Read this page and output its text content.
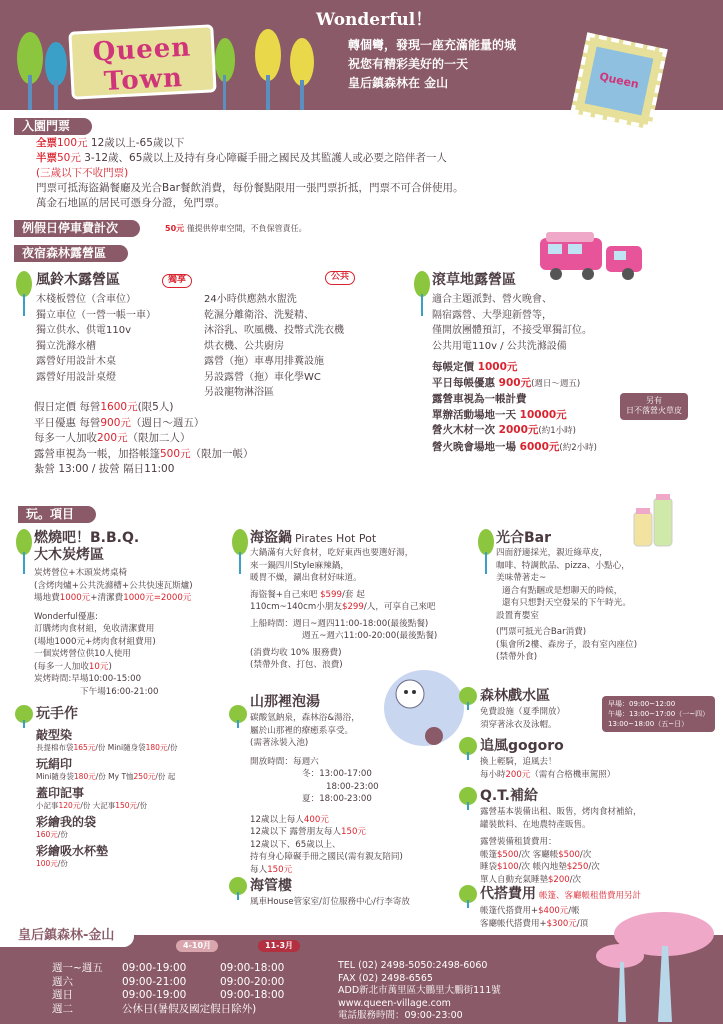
Queen Town
Wonderful！
轉個彎，發現一座充滿能量的城
祝您有精彩美好的一天
皇后鎮森林在 金山	Queen
入園門票
全票100元 12歲以上-65歲以下
半票50元 3-12歲、65歲以上及持有身心障礙手冊之國民及其監護人或必要之陪伴者一人
(三歲以下不收門票)
門票可抵海盜鍋餐廳及光合Bar餐飲消費，每份餐點限用一張門票折抵，門票不可合併使用。
萬金石地區的居民可憑身分證，免門票。
例假日停車費計次	50元 僅提供停車空間，不負保管責任。
夜宿森林露營區
風鈴木露營區	獨享	公共
木棧板營位（含車位）
獨立車位（一營一帳一車）
獨立供水、供電110v
獨立洗滌水槽
露營好用設計木桌
露營好用設計桌燈
24小時供應熱水盥洗
乾濕分離衛浴、洗髮精、
沐浴乳、吹風機、投幣式洗衣機
烘衣機、公共廚房
露營（拖）車專用排糞設施
另設露營（拖）車化學WC
另設寵物淋浴區
假日定價 每營1600元(限5人)
平日優惠 每營900元（週日～週五）
每多一人加收200元（限加二人）
露營車視為一帳，加搭帳篷500元（限加一帳）
紮營 13:00 / 拔營 隔日11:00
滾草地露營區
適合主題派對、營火晚會、
隔宿露營、大學迎新營等，
僅開放團體預訂，不接受單獨訂位。
公共用電110v / 公共洗滌設備
每帳定價 1000元
平日每帳優惠 900元(週日～週五)
露營車視為一帳計費
單辦活動場地一天 10000元
營火木材一次 2000元(約1小時)
營火晚會場地一場 6000元(約2小時)
另有
日不落營火草皮
玩。項目
燃燒吧！B.B.Q.
大木炭烤區
炭烤營位+木頭炭烤桌椅
(含烤肉爐+公共洗滌槽+公共快速瓦斯爐)
場地費1000元+清潔費1000元=2000元
Wonderful優惠:
訂購烤肉食材組，免收清潔費用
(場地1000元+烤肉食材組費用)
一個炭烤營位供10人使用
(每多一人加收10元)
炭烤時間:早場10:00-15:00
下午場16:00-21:00
海盜鍋 Pirates Hot Pot
大鍋滿有大好食材，吃好東西也要選好湯，
來一鍋四川Style麻辣鍋，
暖胃不燥，涮出食材好味道。
海盜餐+自己來吧 $599/套 起
110cm~140cm小朋友$299/人，可享自己來吧
上船時間：週日~週四11:00-18:00(最後點餐)
週五~週六11:00-20:00(最後點餐)
(消費均收 10% 服務費)
(禁帶外食、打包、浪費)
光合Bar
四面舒適採光，親近綠草皮，
咖啡、特調飲品、pizza、小點心，
美味帶著走~
適合有點睏或是想聊天的時候，
還有只想對天空發呆的下午時光。
設置育嬰室
(門票可抵光合Bar消費)
(集會所2樓、森房子，設有室內座位)
(禁帶外食)
玩手作
敲型染
長提棉布袋165元/份 Mini隨身袋180元/份
玩絹印
Mini隨身袋180元/份 My T恤250元/份 起
蓋印記事
小記事120元/份 大記事150元/份
彩繪我的袋
160元/份
彩繪吸水杯墊
100元/份
山那裡泡湯
碳酸氫鈉泉，森林浴&湯浴，
屬於山那裡的療癒系享受。
(需著泳裝入池)
開放時間：每週六
冬：13:00-17:00
18:00-23:00
夏：18:00-23:00
12歲以上每人400元
12歲以下 露營朋友每人150元
12歲以下、65歲以上、
持有身心障礙手冊之國民(需有親友陪同)
每人150元
海管樓
風車House管家室/訂位服務中心/行李寄放
森林戲水區
免費設施（夏季開放）
須穿著泳衣及泳帽。
早場：09:00~12:00
午場：13:00~17:00（一~四）
13:00~18:00（五~日）
追風gogoro
換上輕騎，追風去！
每小時200元（需有合格機車駕照）
Q.T.補給
露營基本裝備出租、販售，烤肉食材補給，
罐裝飲料、在地農特產販售。
露營裝備租賃費用：
帳篷$500/次 客廳帳$500/次
睡袋$100/次 帳內地墊$250/次
單人自動充氣睡墊$200/次
代搭費用 帳篷、客廳帳租借費用另計
帳篷代搭費用+$400元/帳
客廳帳代搭費用+$300元/頂
皇后鎮森林-金山
4-10月	11-3月
週一~週五 09:00-19:00	09:00-18:00
週六	09:00-21:00	09:00-20:00
週日	09:00-19:00	09:00-18:00
週二	公休日(暑假及國定假日除外)
TEL (02) 2498-5050:2498-6060
FAX (02) 2498-6565
ADD新北市萬里區大鵬里大鵬街111號
www.queen-village.com
電話服務時間：09:00-23:00
